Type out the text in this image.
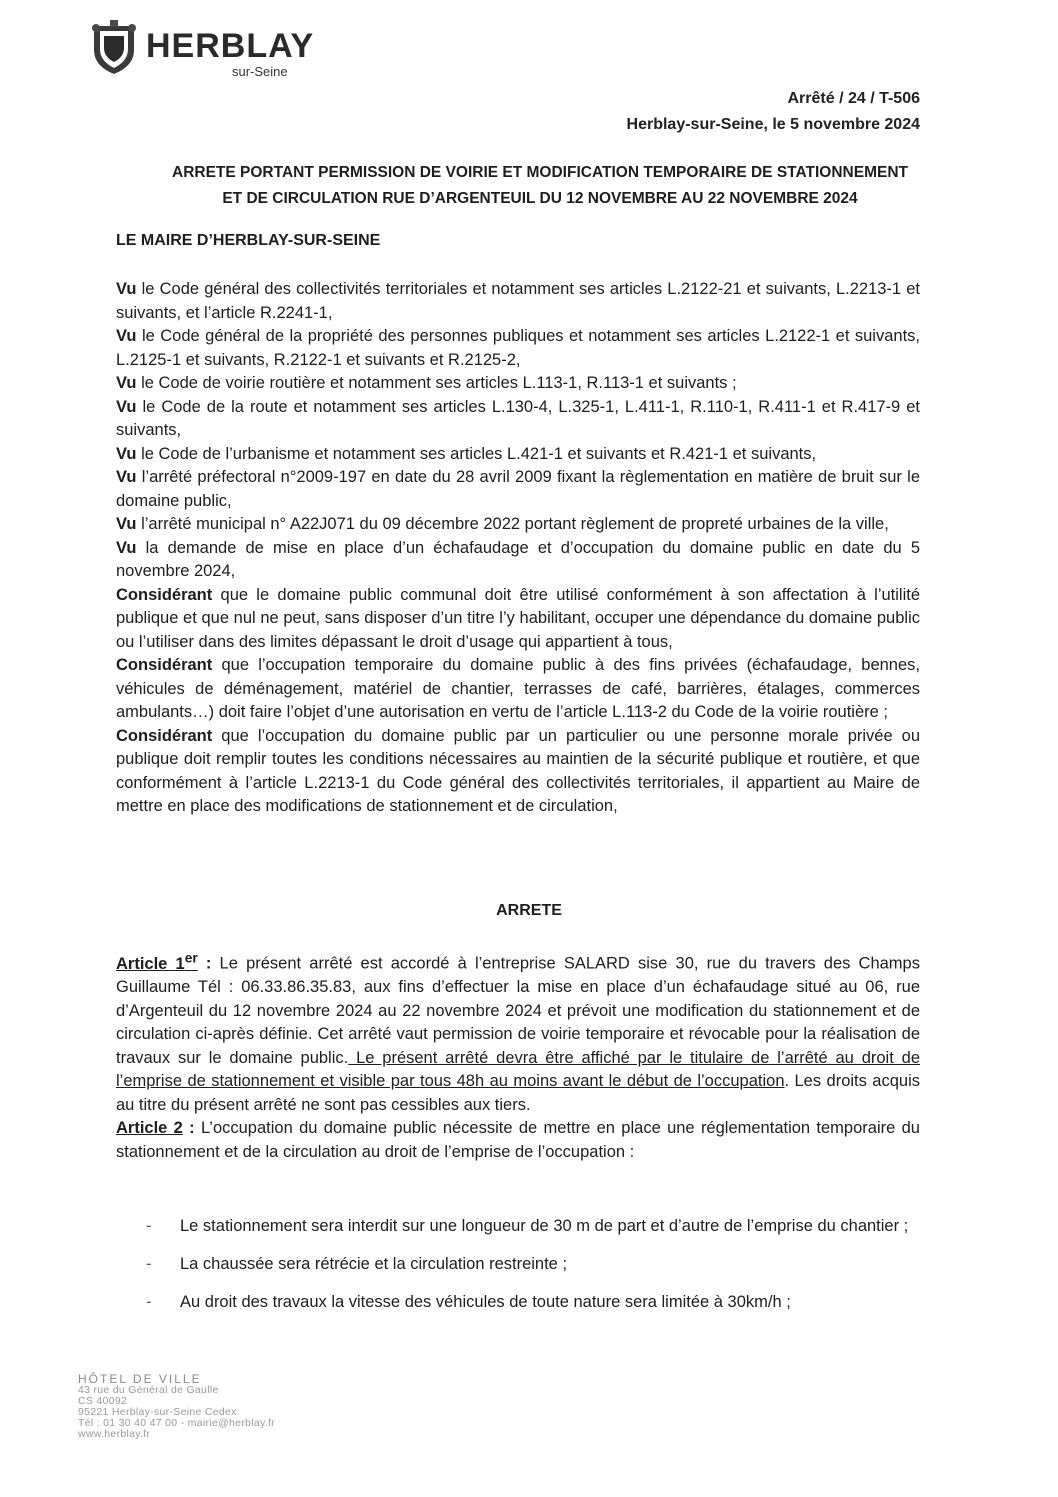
HERBLAY
sur-Seine
Arrêté / 24 / T-506
Herblay-sur-Seine, le 5 novembre 2024
ARRETE PORTANT PERMISSION DE VOIRIE ET MODIFICATION TEMPORAIRE DE STATIONNEMENT
ET DE CIRCULATION RUE D’ARGENTEUIL DU 12 NOVEMBRE AU 22 NOVEMBRE 2024
LE MAIRE D’HERBLAY-SUR-SEINE

Vu le Code général des collectivités territoriales et notamment ses articles L.2122-21 et suivants, L.2213-1 et suivants, et l’article R.2241-1,

Vu le Code général de la propriété des personnes publiques et notamment ses articles L.2122-1 et suivants, L.2125-1 et suivants, R.2122-1 et suivants et R.2125-2,

Vu le Code de voirie routière et notamment ses articles L.113-1, R.113-1 et suivants ;

Vu le Code de la route et notamment ses articles L.130-4, L.325-1, L.411-1, R.110-1, R.411-1 et R.417-9 et suivants,

Vu le Code de l’urbanisme et notamment ses articles L.421-1 et suivants et R.421-1 et suivants,

Vu l’arrêté préfectoral n°2009-197 en date du 28 avril 2009 fixant la règlementation en matière de bruit sur le domaine public,

Vu l’arrêté municipal n° A22J071 du 09 décembre 2022 portant règlement de propreté urbaines de la ville,

Vu la demande de mise en place d’un échafaudage et d’occupation du domaine public en date du 5 novembre 2024,

Considérant que le domaine public communal doit être utilisé conformément à son affectation à l’utilité publique et que nul ne peut, sans disposer d’un titre l’y habilitant, occuper une dépendance du domaine public ou l’utiliser dans des limites dépassant le droit d’usage qui appartient à tous,

Considérant que l’occupation temporaire du domaine public à des fins privées (échafaudage, bennes, véhicules de déménagement, matériel de chantier, terrasses de café, barrières, étalages, commerces ambulants…) doit faire l’objet d’une autorisation en vertu de l’article L.113-2 du Code de la voirie routière ;

Considérant que l’occupation du domaine public par un particulier ou une personne morale privée ou publique doit remplir toutes les conditions nécessaires au maintien de la sécurité publique et routière, et que conformément à l’article L.2213-1 du Code général des collectivités territoriales, il appartient au Maire de mettre en place des modifications de stationnement et de circulation,

ARRETE

Article 1er : Le présent arrêté est accordé à l’entreprise SALARD sise 30, rue du travers des Champs Guillaume Tél : 06.33.86.35.83, aux fins d’effectuer la mise en place d’un échafaudage situé au 06, rue d’Argenteuil du 12 novembre 2024 au 22 novembre 2024 et prévoit une modification du stationnement et de circulation ci-après définie. Cet arrêté vaut permission de voirie temporaire et révocable pour la réalisation de travaux sur le domaine public. Le présent arrêté devra être affiché par le titulaire de l’arrêté au droit de l’emprise de stationnement et visible par tous 48h au moins avant le début de l’occupation. Les droits acquis au titre du présent arrêté ne sont pas cessibles aux tiers.

Article 2 : L’occupation du domaine public nécessite de mettre en place une réglementation temporaire du stationnement et de la circulation au droit de l’emprise de l’occupation :

- Le stationnement sera interdit sur une longueur de 30 m de part et d’autre de l’emprise du chantier ;

- La chaussée sera rétrécie et la circulation restreinte ;

- Au droit des travaux la vitesse des véhicules de toute nature sera limitée à 30km/h ;

HÔTEL DE VILLE
43 rue du Général de Gaulle
CS 40092
95221 Herblay-sur-Seine Cedex
Tél : 01 30 40 47 00 - mairie@herblay.fr
www.herblay.fr
